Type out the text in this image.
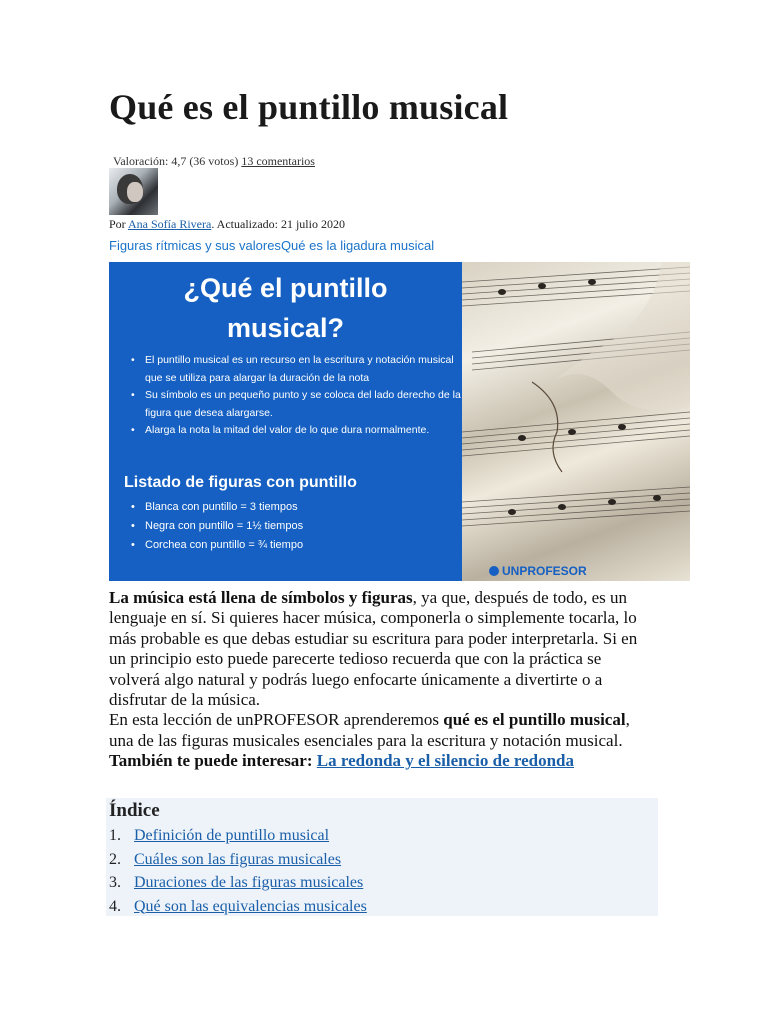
Qué es el puntillo musical
Valoración: 4,7 (36 votos) 13 comentarios
Por Ana Sofía Rivera. Actualizado: 21 julio 2020
Figuras rítmicas y sus valoresQué es la ligadura musical
¿Qué el puntillo
musical?
• El puntillo musical es un recurso en la escritura y notación musical que se utiliza para alargar la duración de la nota
• Su símbolo es un pequeño punto y se coloca del lado derecho de la figura que desea alargarse.
• Alarga la nota la mitad del valor de lo que dura normalmente.
Listado de figuras con puntillo
• Blanca con puntillo = 3 tiempos
• Negra con puntillo = 1½ tiempos
• Corchea con puntillo = ¾ tiempo
UNPROFESOR

La música está llena de símbolos y figuras, ya que, después de todo, es un lenguaje en sí. Si quieres hacer música, componerla o simplemente tocarla, lo más probable es que debas estudiar su escritura para poder interpretarla. Si en un principio esto puede parecerte tedioso recuerda que con la práctica se volverá algo natural y podrás luego enfocarte únicamente a divertirte o a disfrutar de la música.

En esta lección de unPROFESOR aprenderemos qué es el puntillo musical, una de las figuras musicales esenciales para la escritura y notación musical.

También te puede interesar: La redonda y el silencio de redonda

Índice
1. Definición de puntillo musical
2. Cuáles son las figuras musicales
3. Duraciones de las figuras musicales
4. Qué son las equivalencias musicales
